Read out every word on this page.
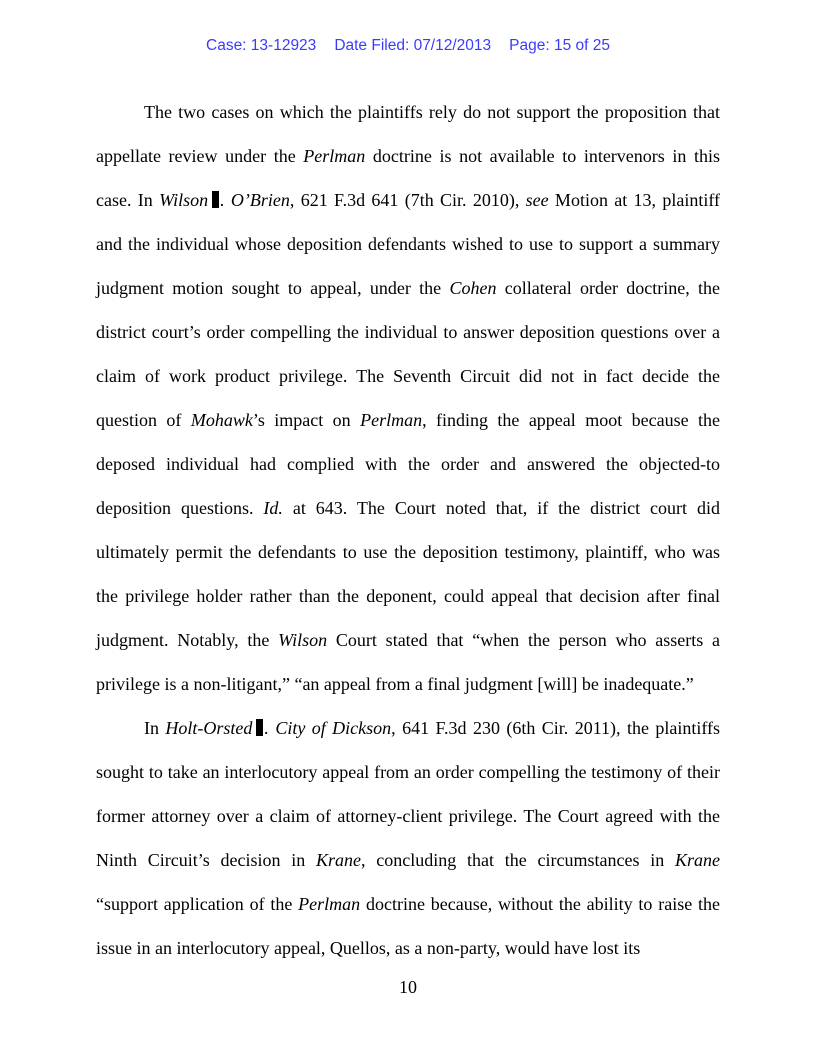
Case: 13-12923 Date Filed: 07/12/2013 Page: 15 of 25

The two cases on which the plaintiffs rely do not support the proposition that appellate review under the Perlman doctrine is not available to intervenors in this case. In Wilson . O’Brien, 621 F.3d 641 (7th Cir. 2010), see Motion at 13, plaintiff and the individual whose deposition defendants wished to use to support a summary judgment motion sought to appeal, under the Cohen collateral order doctrine, the district court’s order compelling the individual to answer deposition questions over a claim of work product privilege. The Seventh Circuit did not in fact decide the question of Mohawk’s impact on Perlman, finding the appeal moot because the deposed individual had complied with the order and answered the objected-to deposition questions. Id. at 643. The Court noted that, if the district court did ultimately permit the defendants to use the deposition testimony, plaintiff, who was the privilege holder rather than the deponent, could appeal that decision after final judgment. Notably, the Wilson Court stated that “when the person who asserts a privilege is a non-litigant,” “an appeal from a final judgment [will] be inadequate.”

In Holt-Orsted . City of Dickson, 641 F.3d 230 (6th Cir. 2011), the plaintiffs sought to take an interlocutory appeal from an order compelling the testimony of their former attorney over a claim of attorney-client privilege. The Court agreed with the Ninth Circuit’s decision in Krane, concluding that the circumstances in Krane “support application of the Perlman doctrine because, without the ability to raise the issue in an interlocutory appeal, Quellos, as a non-party, would have lost its

10
